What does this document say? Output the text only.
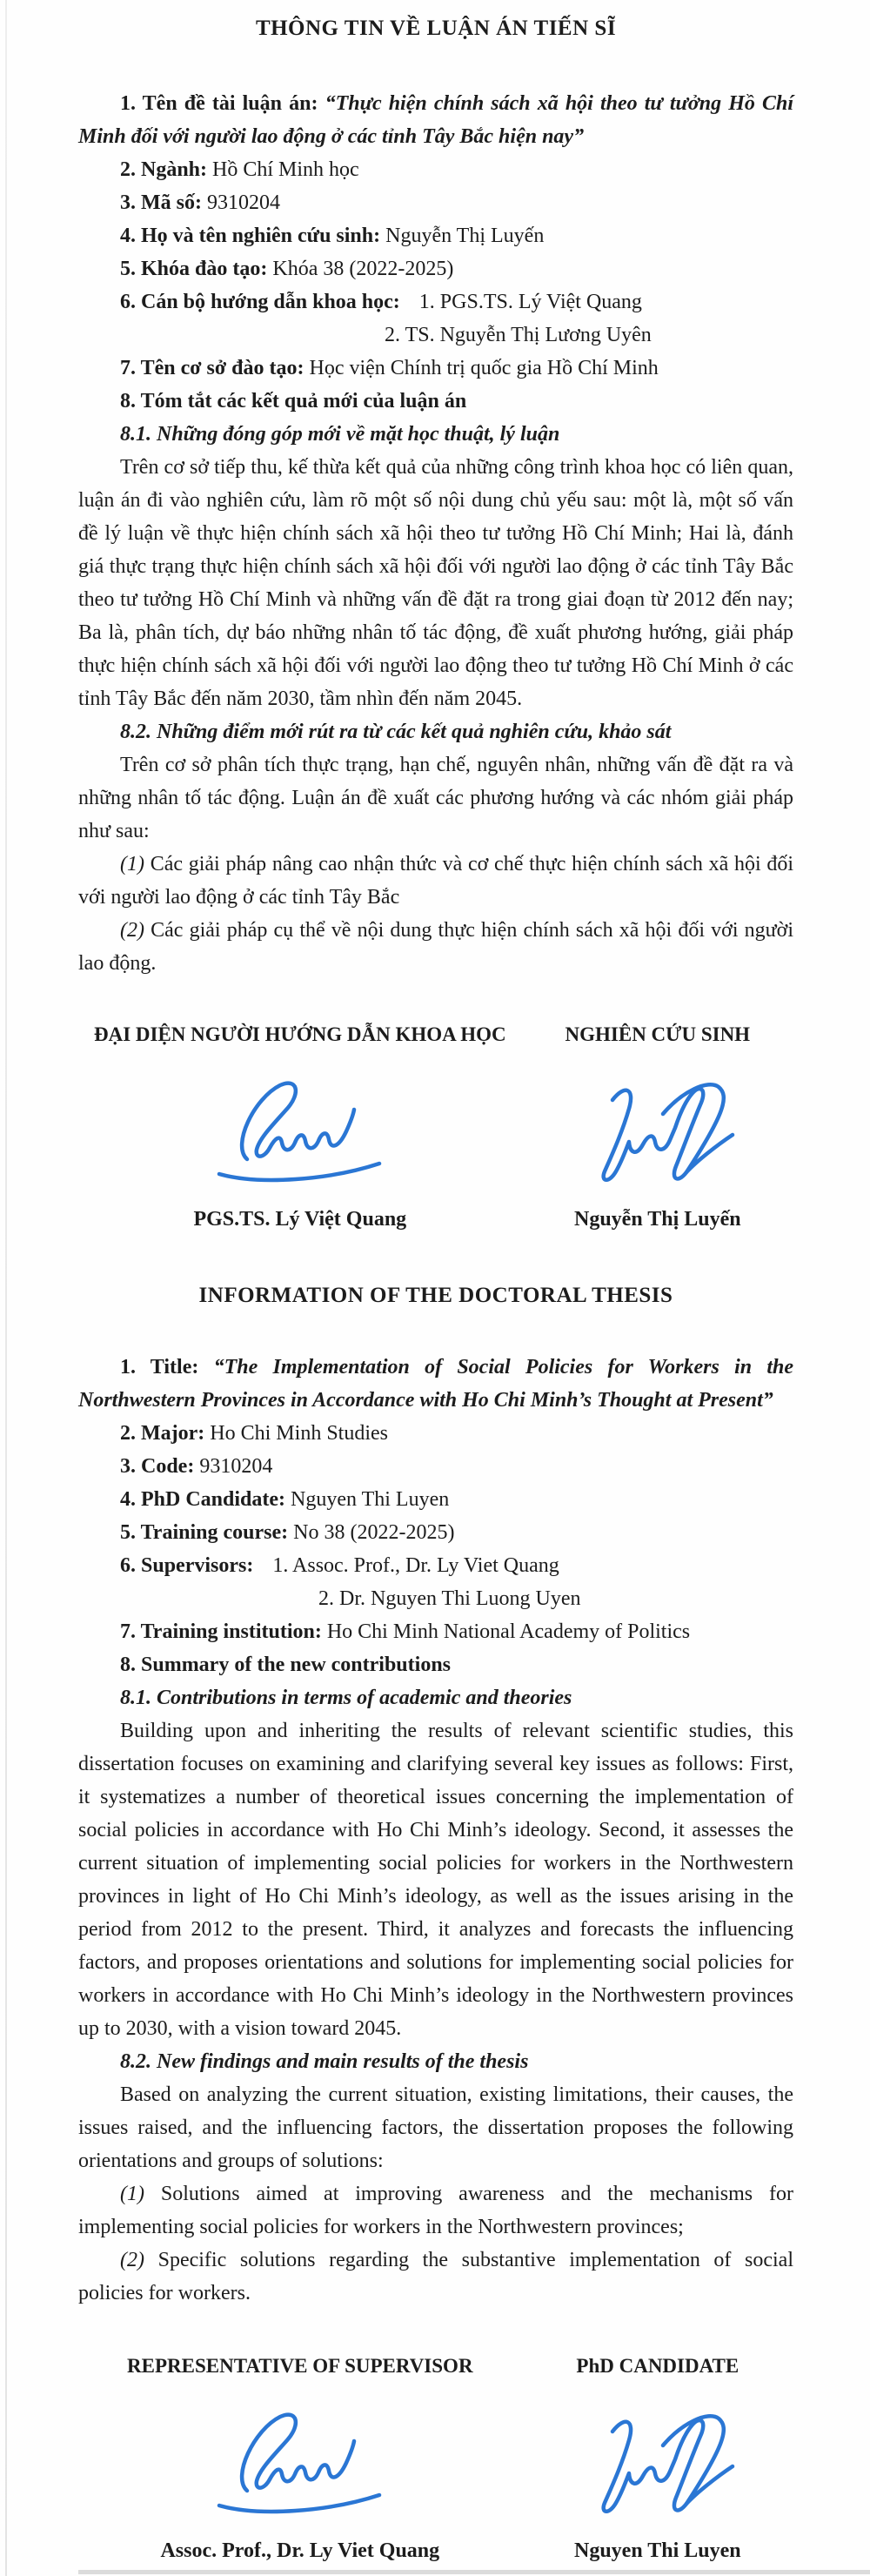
THÔNG TIN VỀ LUẬN ÁN TIẾN SĨ

1. Tên đề tài luận án: “Thực hiện chính sách xã hội theo tư tưởng Hồ Chí Minh đối với người lao động ở các tỉnh Tây Bắc hiện nay”

2. Ngành: Hồ Chí Minh học

3. Mã số: 9310204

4. Họ và tên nghiên cứu sinh: Nguyễn Thị Luyến

5. Khóa đào tạo: Khóa 38 (2022-2025)

6. Cán bộ hướng dẫn khoa học: 1. PGS.TS. Lý Việt Quang

2. TS. Nguyễn Thị Lương Uyên

7. Tên cơ sở đào tạo: Học viện Chính trị quốc gia Hồ Chí Minh

8. Tóm tắt các kết quả mới của luận án

8.1. Những đóng góp mới về mặt học thuật, lý luận

Trên cơ sở tiếp thu, kế thừa kết quả của những công trình khoa học có liên quan, luận án đi vào nghiên cứu, làm rõ một số nội dung chủ yếu sau: một là, một số vấn đề lý luận về thực hiện chính sách xã hội theo tư tưởng Hồ Chí Minh; Hai là, đánh giá thực trạng thực hiện chính sách xã hội đối với người lao động ở các tỉnh Tây Bắc theo tư tưởng Hồ Chí Minh và những vấn đề đặt ra trong giai đoạn từ 2012 đến nay; Ba là, phân tích, dự báo những nhân tố tác động, đề xuất phương hướng, giải pháp thực hiện chính sách xã hội đối với người lao động theo tư tưởng Hồ Chí Minh ở các tỉnh Tây Bắc đến năm 2030, tầm nhìn đến năm 2045.

8.2. Những điểm mới rút ra từ các kết quả nghiên cứu, khảo sát

Trên cơ sở phân tích thực trạng, hạn chế, nguyên nhân, những vấn đề đặt ra và những nhân tố tác động. Luận án đề xuất các phương hướng và các nhóm giải pháp như sau:

(1) Các giải pháp nâng cao nhận thức và cơ chế thực hiện chính sách xã hội đối với người lao động ở các tỉnh Tây Bắc

(2) Các giải pháp cụ thể về nội dung thực hiện chính sách xã hội đối với người lao động.

ĐẠI DIỆN NGƯỜI HƯỚNG DẪN KHOA HỌC
PGS.TS. Lý Việt Quang
NGHIÊN CỨU SINH
Nguyễn Thị Luyến
INFORMATION OF THE DOCTORAL THESIS

1. Title: “The Implementation of Social Policies for Workers in the Northwestern Provinces in Accordance with Ho Chi Minh’s Thought at Present”

2. Major: Ho Chi Minh Studies

3. Code: 9310204

4. PhD Candidate: Nguyen Thi Luyen

5. Training course: No 38 (2022-2025)

6. Supervisors: 1. Assoc. Prof., Dr. Ly Viet Quang

2. Dr. Nguyen Thi Luong Uyen

7. Training institution: Ho Chi Minh National Academy of Politics

8. Summary of the new contributions

8.1. Contributions in terms of academic and theories

Building upon and inheriting the results of relevant scientific studies, this dissertation focuses on examining and clarifying several key issues as follows: First, it systematizes a number of theoretical issues concerning the implementation of social policies in accordance with Ho Chi Minh’s ideology. Second, it assesses the current situation of implementing social policies for workers in the Northwestern provinces in light of Ho Chi Minh’s ideology, as well as the issues arising in the period from 2012 to the present. Third, it analyzes and forecasts the influencing factors, and proposes orientations and solutions for implementing social policies for workers in accordance with Ho Chi Minh’s ideology in the Northwestern provinces up to 2030, with a vision toward 2045.

8.2. New findings and main results of the thesis

Based on analyzing the current situation, existing limitations, their causes, the issues raised, and the influencing factors, the dissertation proposes the following orientations and groups of solutions:

(1) Solutions aimed at improving awareness and the mechanisms for implementing social policies for workers in the Northwestern provinces;

(2) Specific solutions regarding the substantive implementation of social policies for workers.

REPRESENTATIVE OF SUPERVISOR
Assoc. Prof., Dr. Ly Viet Quang
PhD CANDIDATE
Nguyen Thi Luyen
